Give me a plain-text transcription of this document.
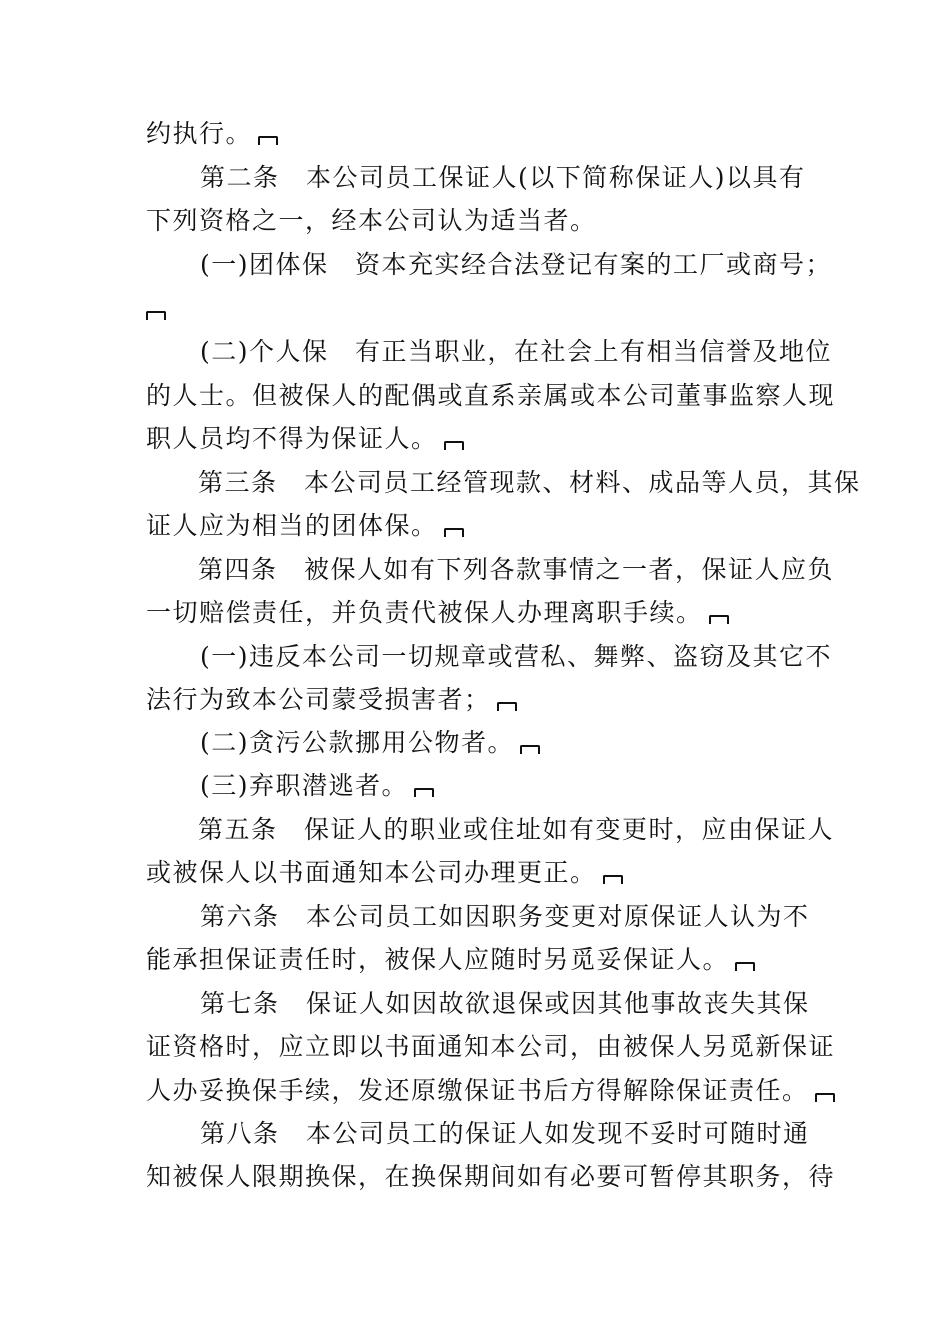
约执行。
第二条　本公司员工保证人(以下简称保证人)以具有
下列资格之一，经本公司认为适当者。
(一)团体保　资本充实经合法登记有案的工厂或商号；
(二)个人保　有正当职业，在社会上有相当信誉及地位
的人士。但被保人的配偶或直系亲属或本公司董事监察人现
职人员均不得为保证人。
第三条　本公司员工经管现款、材料、成品等人员，其保
证人应为相当的团体保。
第四条　被保人如有下列各款事情之一者，保证人应负
一切赔偿责任，并负责代被保人办理离职手续。
(一)违反本公司一切规章或营私、舞弊、盗窃及其它不
法行为致本公司蒙受损害者；
(二)贪污公款挪用公物者。
(三)弃职潜逃者。
第五条　保证人的职业或住址如有变更时，应由保证人
或被保人以书面通知本公司办理更正。
第六条　本公司员工如因职务变更对原保证人认为不
能承担保证责任时，被保人应随时另觅妥保证人。
第七条　保证人如因故欲退保或因其他事故丧失其保
证资格时，应立即以书面通知本公司，由被保人另觅新保证
人办妥换保手续，发还原缴保证书后方得解除保证责任。
第八条　本公司员工的保证人如发现不妥时可随时通
知被保人限期换保，在换保期间如有必要可暂停其职务，待
